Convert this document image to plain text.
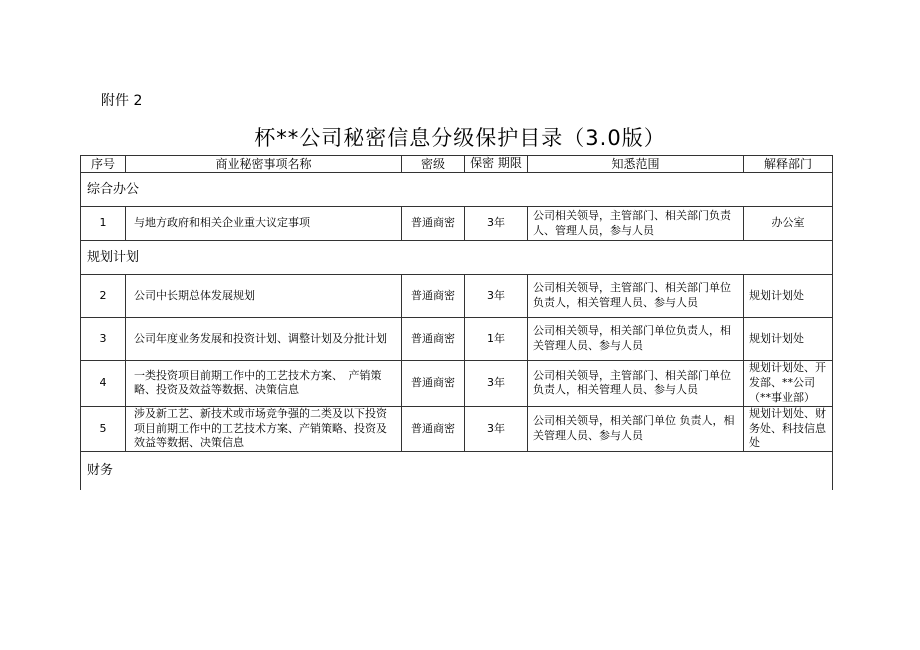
附件 2
杯**公司秘密信息分级保护目录（3.0版）
序号	商业秘密事项名称	密级	保密 期限	知悉范围	解释部门
综合办公					
1	与地方政府和相关企业重大议定事项	普通商密	3年	公司相关领导，主管部门、相关部门负责 人、管理人员，参与人员	办公室
规划计划					
2	公司中长期总体发展规划	普通商密	3年	公司相关领导，主管部门、相关部门单位 负责人，相关管理人员、参与人员	规划计划处
3	公司年度业务发展和投资计划、调整计划及分批计划	普通商密	1年	公司相关领导，相关部门单位负责人，相 关管理人员、参与人员	规划计划处
4	一类投资项目前期工作中的工艺技术方案、　产销策略、投资及效益等数据、决策信息	普通商密	3年	公司相关领导，主管部门、相关部门单位 负责人，相关管理人员、参与人员	规划计划处、开发部、**公司（**事业部）
5	涉及新工艺、新技术或市场竞争强的二类及以下投资 项目前期工作中的工艺技术方案、产销策略、投资及 效益等数据、决策信息	普通商密	3年	公司相关领导，相关部门单位 负责人，相关管理人员、参与人员	规划计划处、财务处、科技信息处
财务					
